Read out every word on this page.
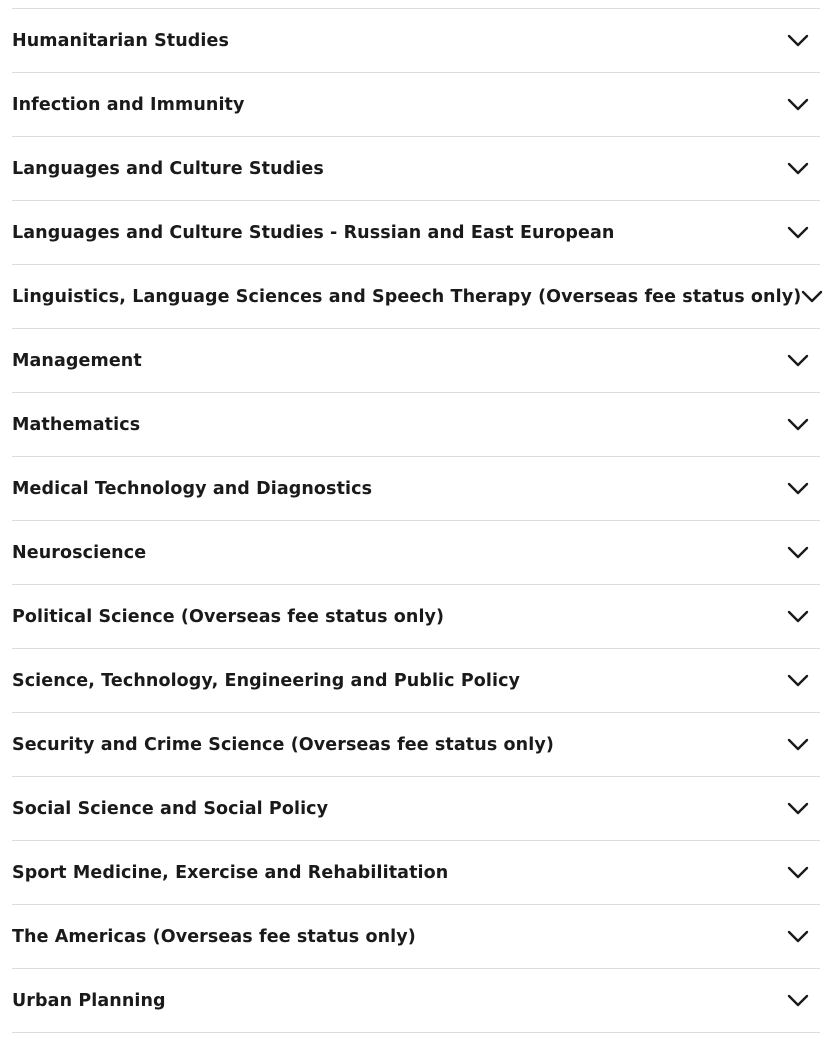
Humanitarian Studies
Infection and Immunity
Languages and Culture Studies
Languages and Culture Studies - Russian and East European
Linguistics, Language Sciences and Speech Therapy (Overseas fee status only)
Management
Mathematics
Medical Technology and Diagnostics
Neuroscience
Political Science (Overseas fee status only)
Science, Technology, Engineering and Public Policy
Security and Crime Science (Overseas fee status only)
Social Science and Social Policy
Sport Medicine, Exercise and Rehabilitation
The Americas (Overseas fee status only)
Urban Planning
